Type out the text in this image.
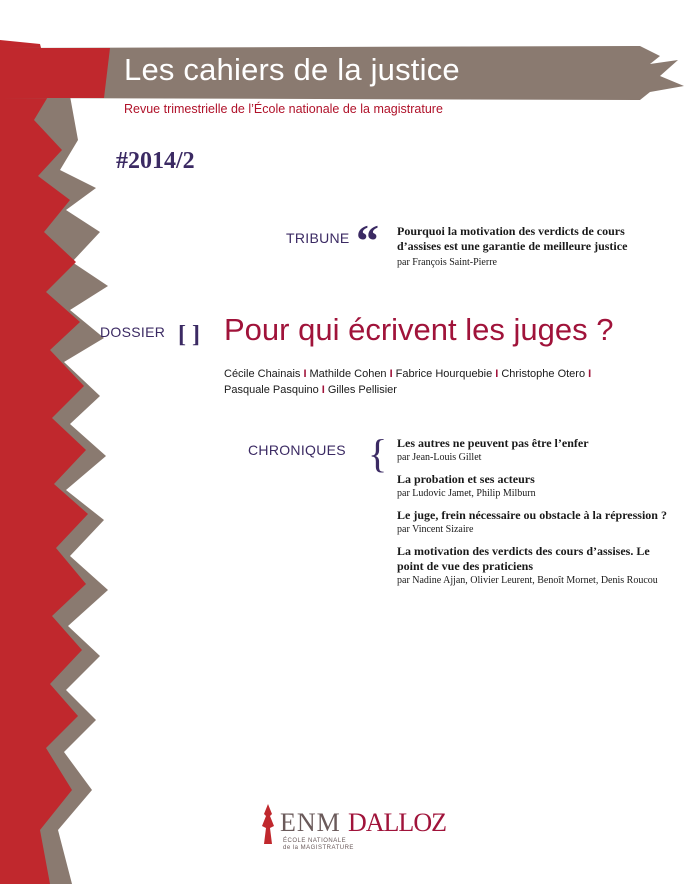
Les cahiers de la justice
Revue trimestrielle de l’École nationale de la magistrature
#2014/2
TRIBUNE “ Pourquoi la motivation des verdicts de cours d’assises est une garantie de meilleure justice
par François Saint-Pierre
DOSSIER [ ] Pour qui écrivent les juges ?
Cécile Chainais I Mathilde Cohen I Fabrice Hourquebie I Christophe Otero I
Pasquale Pasquino I Gilles Pellisier
CHRONIQUES { Les autres ne peuvent pas être l’enfer
par Jean-Louis Gillet
La probation et ses acteurs
par Ludovic Jamet, Philip Milburn
Le juge, frein nécessaire ou obstacle à la répression ?
par Vincent Sizaire
La motivation des verdicts des cours d’assises. Le point de vue des praticiens
par Nadine Ajjan, Olivier Leurent, Benoît Mornet, Denis Roucou
ENM
ÉCOLE NATIONALE
de la MAGISTRATURE
DALLOZ
